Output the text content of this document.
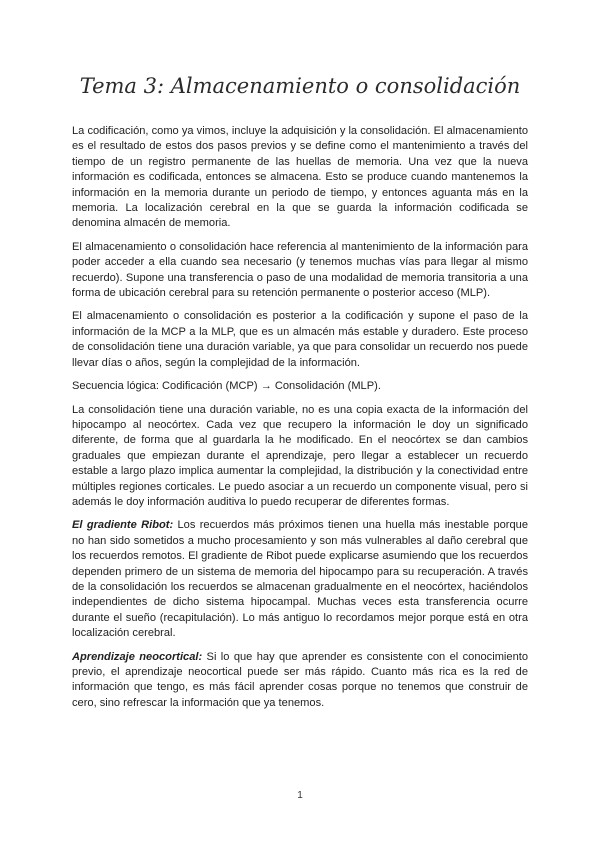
Tema 3: Almacenamiento o consolidación

La codificación, como ya vimos, incluye la adquisición y la consolidación. El almacenamiento es el resultado de estos dos pasos previos y se define como el mantenimiento a través del tiempo de un registro permanente de las huellas de memoria. Una vez que la nueva información es codificada, entonces se almacena. Esto se produce cuando mantenemos la información en la memoria durante un periodo de tiempo, y entonces aguanta más en la memoria. La localización cerebral en la que se guarda la información codificada se denomina almacén de memoria.

El almacenamiento o consolidación hace referencia al mantenimiento de la información para poder acceder a ella cuando sea necesario (y tenemos muchas vías para llegar al mismo recuerdo). Supone una transferencia o paso de una modalidad de memoria transitoria a una forma de ubicación cerebral para su retención permanente o posterior acceso (MLP).

El almacenamiento o consolidación es posterior a la codificación y supone el paso de la información de la MCP a la MLP, que es un almacén más estable y duradero. Este proceso de consolidación tiene una duración variable, ya que para consolidar un recuerdo nos puede llevar días o años, según la complejidad de la información.

Secuencia lógica: Codificación (MCP) → Consolidación (MLP).

La consolidación tiene una duración variable, no es una copia exacta de la información del hipocampo al neocórtex. Cada vez que recupero la información le doy un significado diferente, de forma que al guardarla la he modificado. En el neocórtex se dan cambios graduales que empiezan durante el aprendizaje, pero llegar a establecer un recuerdo estable a largo plazo implica aumentar la complejidad, la distribución y la conectividad entre múltiples regiones corticales. Le puedo asociar a un recuerdo un componente visual, pero si además le doy información auditiva lo puedo recuperar de diferentes formas.

El gradiente Ribot: Los recuerdos más próximos tienen una huella más inestable porque no han sido sometidos a mucho procesamiento y son más vulnerables al daño cerebral que los recuerdos remotos. El gradiente de Ribot puede explicarse asumiendo que los recuerdos dependen primero de un sistema de memoria del hipocampo para su recuperación. A través de la consolidación los recuerdos se almacenan gradualmente en el neocórtex, haciéndolos independientes de dicho sistema hipocampal. Muchas veces esta transferencia ocurre durante el sueño (recapitulación). Lo más antiguo lo recordamos mejor porque está en otra localización cerebral.

Aprendizaje neocortical: Si lo que hay que aprender es consistente con el conocimiento previo, el aprendizaje neocortical puede ser más rápido. Cuanto más rica es la red de información que tengo, es más fácil aprender cosas porque no tenemos que construir de cero, sino refrescar la información que ya tenemos.

1
